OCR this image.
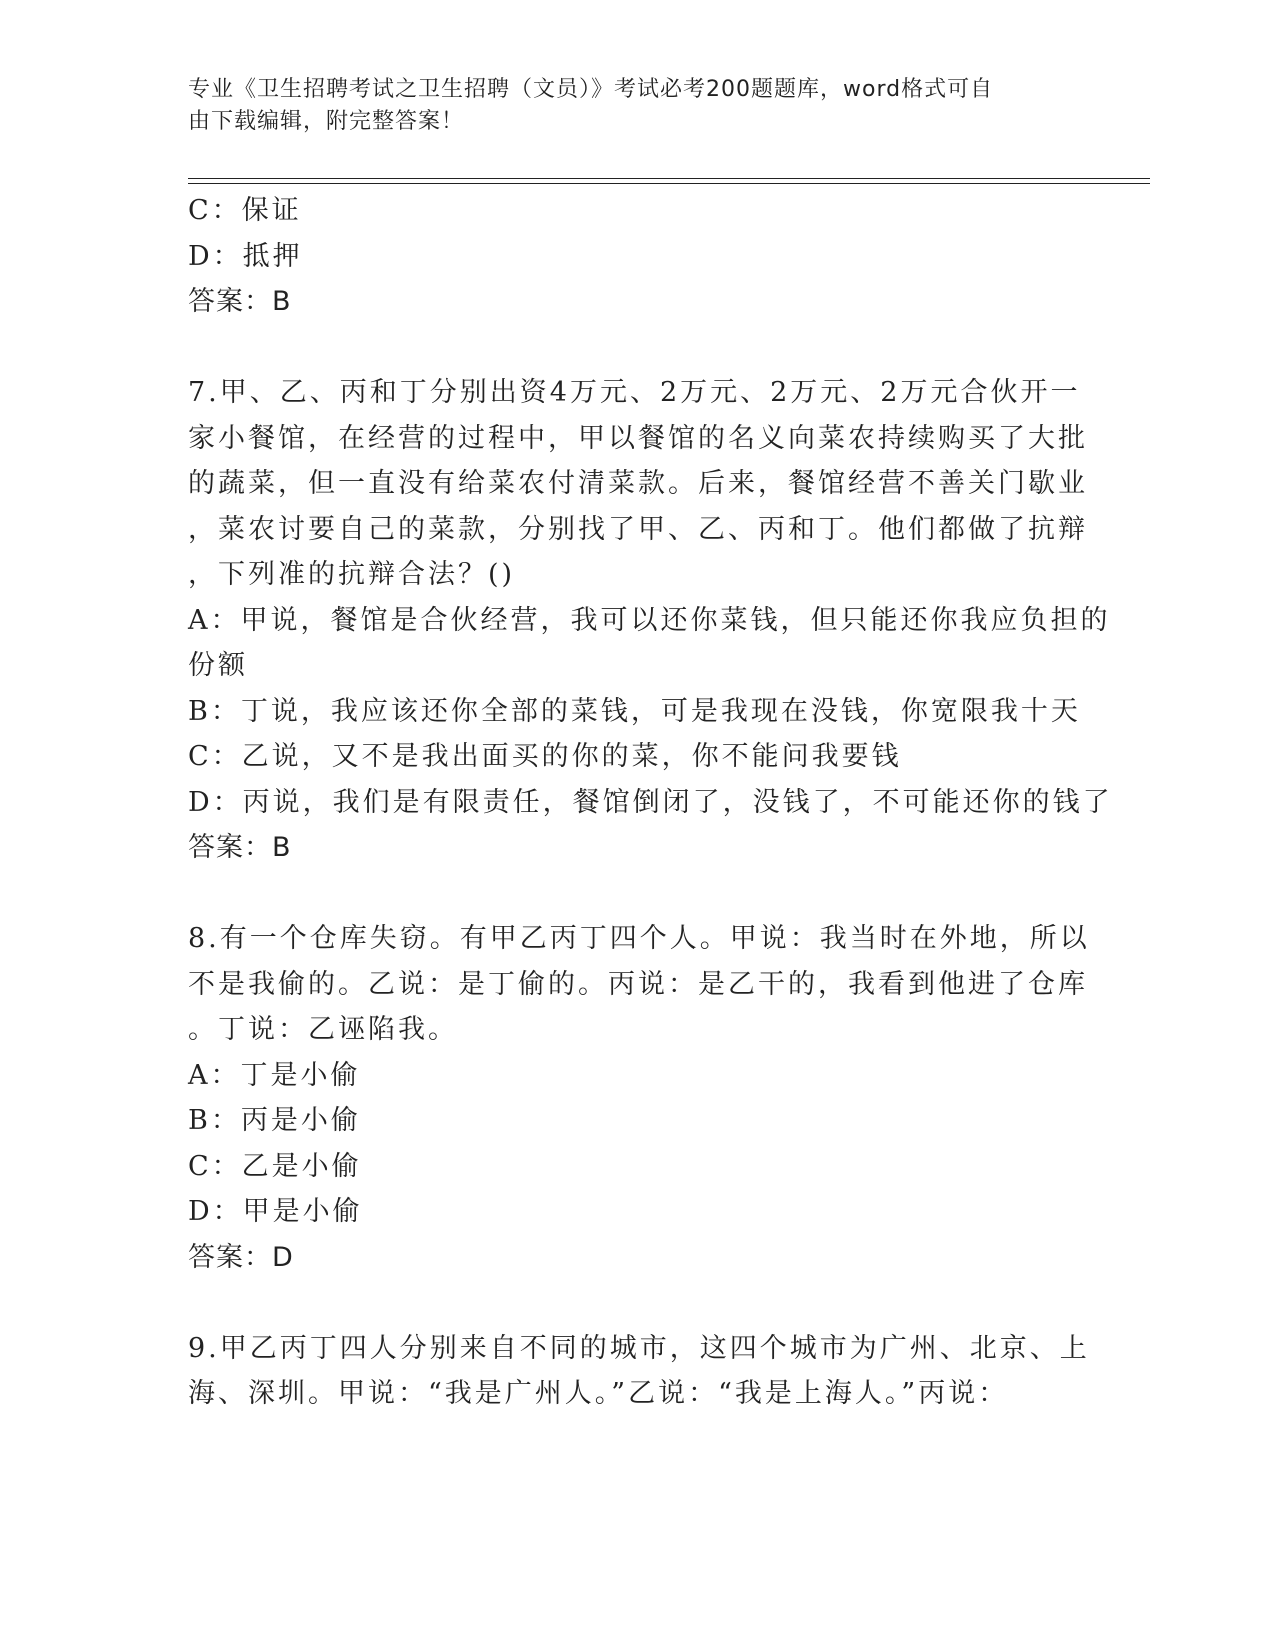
专业《卫生招聘考试之卫生招聘（文员）》考试必考200题题库，word格式可自
由下载编辑，附完整答案！
C：保证
D：抵押
答案：B
7.甲、乙、丙和丁分别出资4万元、2万元、2万元、2万元合伙开一
家小餐馆，在经营的过程中，甲以餐馆的名义向菜农持续购买了大批
的蔬菜，但一直没有给菜农付清菜款。后来，餐馆经营不善关门歇业
，菜农讨要自己的菜款，分别找了甲、乙、丙和丁。他们都做了抗辩
，下列准的抗辩合法？()
A：甲说，餐馆是合伙经营，我可以还你菜钱，但只能还你我应负担的
份额
B：丁说，我应该还你全部的菜钱，可是我现在没钱，你宽限我十天
C：乙说，又不是我出面买的你的菜，你不能问我要钱
D：丙说，我们是有限责任，餐馆倒闭了，没钱了，不可能还你的钱了
答案：B
8.有一个仓库失窃。有甲乙丙丁四个人。甲说：我当时在外地，所以
不是我偷的。乙说：是丁偷的。丙说：是乙干的，我看到他进了仓库
。丁说：乙诬陷我。
A：丁是小偷
B：丙是小偷
C：乙是小偷
D：甲是小偷
答案：D
9.甲乙丙丁四人分别来自不同的城市，这四个城市为广州、北京、上
海、深圳。甲说：“我是广州人。”乙说：“我是上海人。”丙说：
